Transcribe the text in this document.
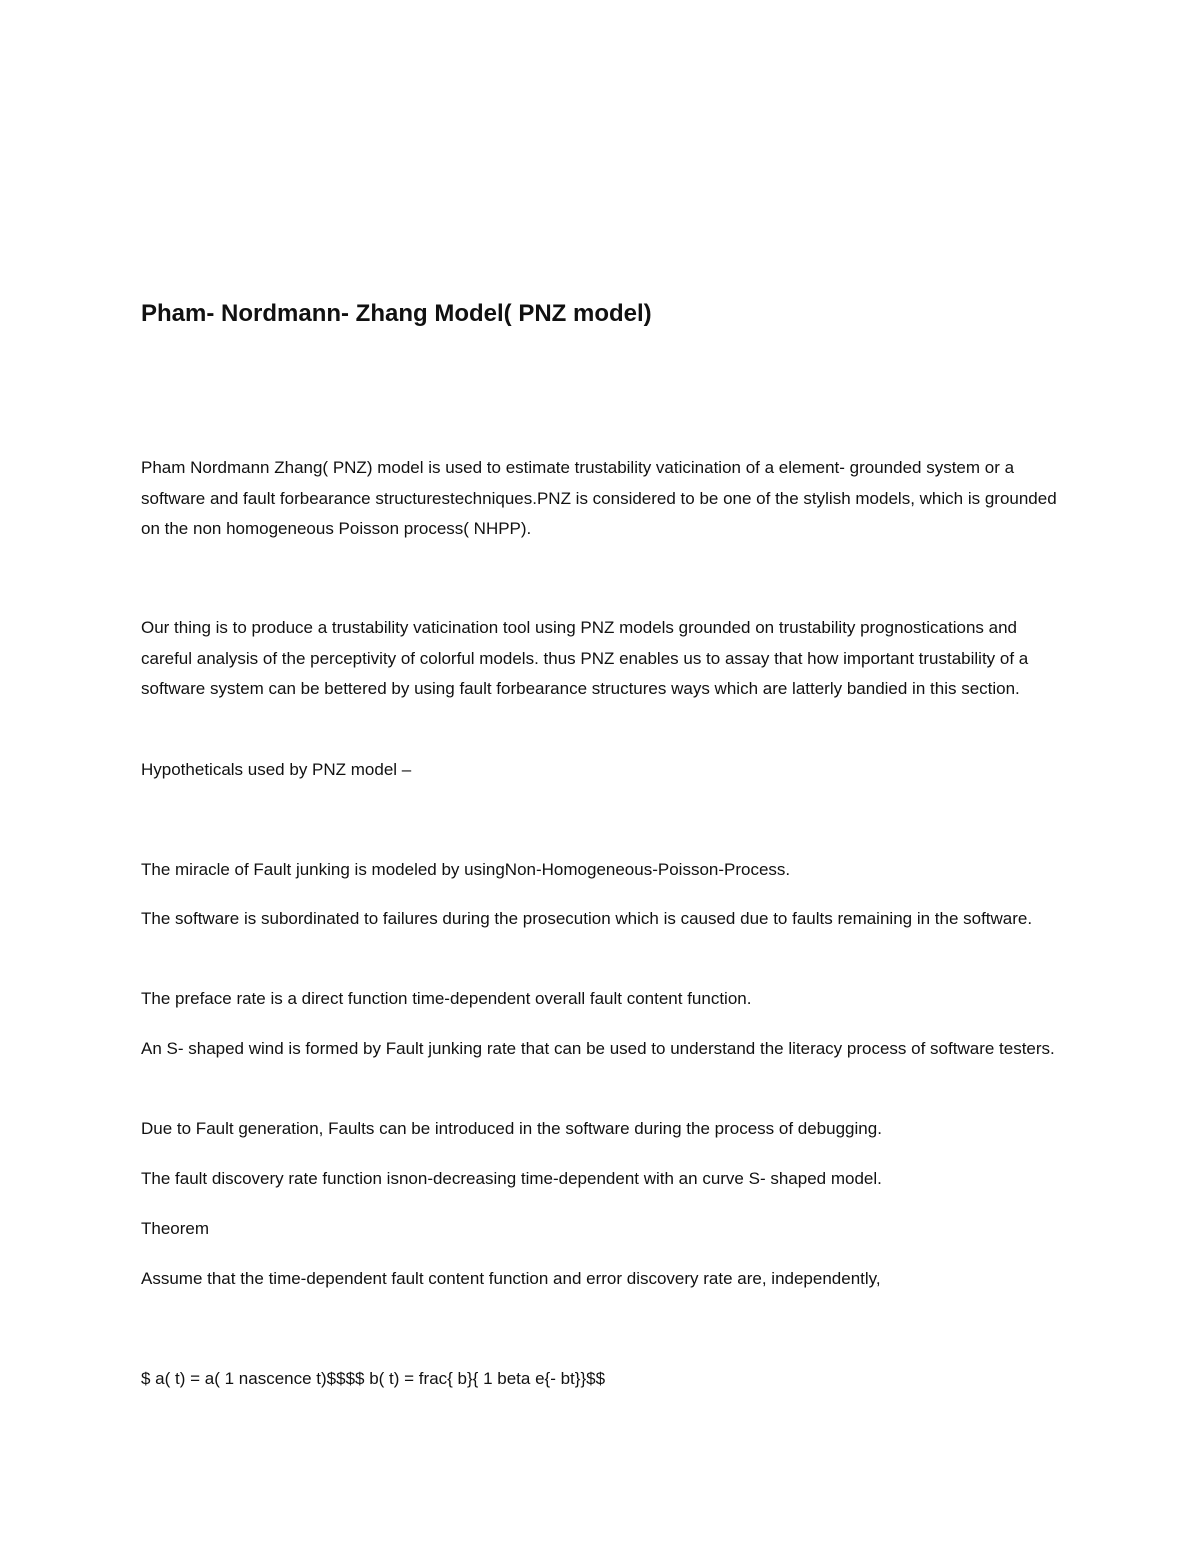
Pham- Nordmann- Zhang Model( PNZ model)

Pham Nordmann Zhang( PNZ) model is used to estimate trustability vaticination of a element- grounded system or a software and fault forbearance structurestechniques.PNZ is considered to be one of the stylish models, which is grounded on the non homogeneous Poisson process( NHPP).

Our thing is to produce a trustability vaticination tool using PNZ models grounded on trustability prognostications and careful analysis of the perceptivity of colorful models. thus PNZ enables us to assay that how important trustability of a software system can be bettered by using fault forbearance structures ways which are latterly bandied in this section.

Hypotheticals used by PNZ model –

The miracle of Fault junking is modeled by usingNon-Homogeneous-Poisson-Process.

The software is subordinated to failures during the prosecution which is caused due to faults remaining in the software.

The preface rate is a direct function time-dependent overall fault content function.

An S- shaped wind is formed by Fault junking rate that can be used to understand the literacy process of software testers.

Due to Fault generation, Faults can be introduced in the software during the process of debugging.

The fault discovery rate function isnon-decreasing time-dependent with an curve S- shaped model.

Theorem

Assume that the time-dependent fault content function and error discovery rate are, independently,

$ a( t) = a( 1 nascence t)$$$$ b( t) = frac{ b}{ 1 beta e{- bt}}$$
